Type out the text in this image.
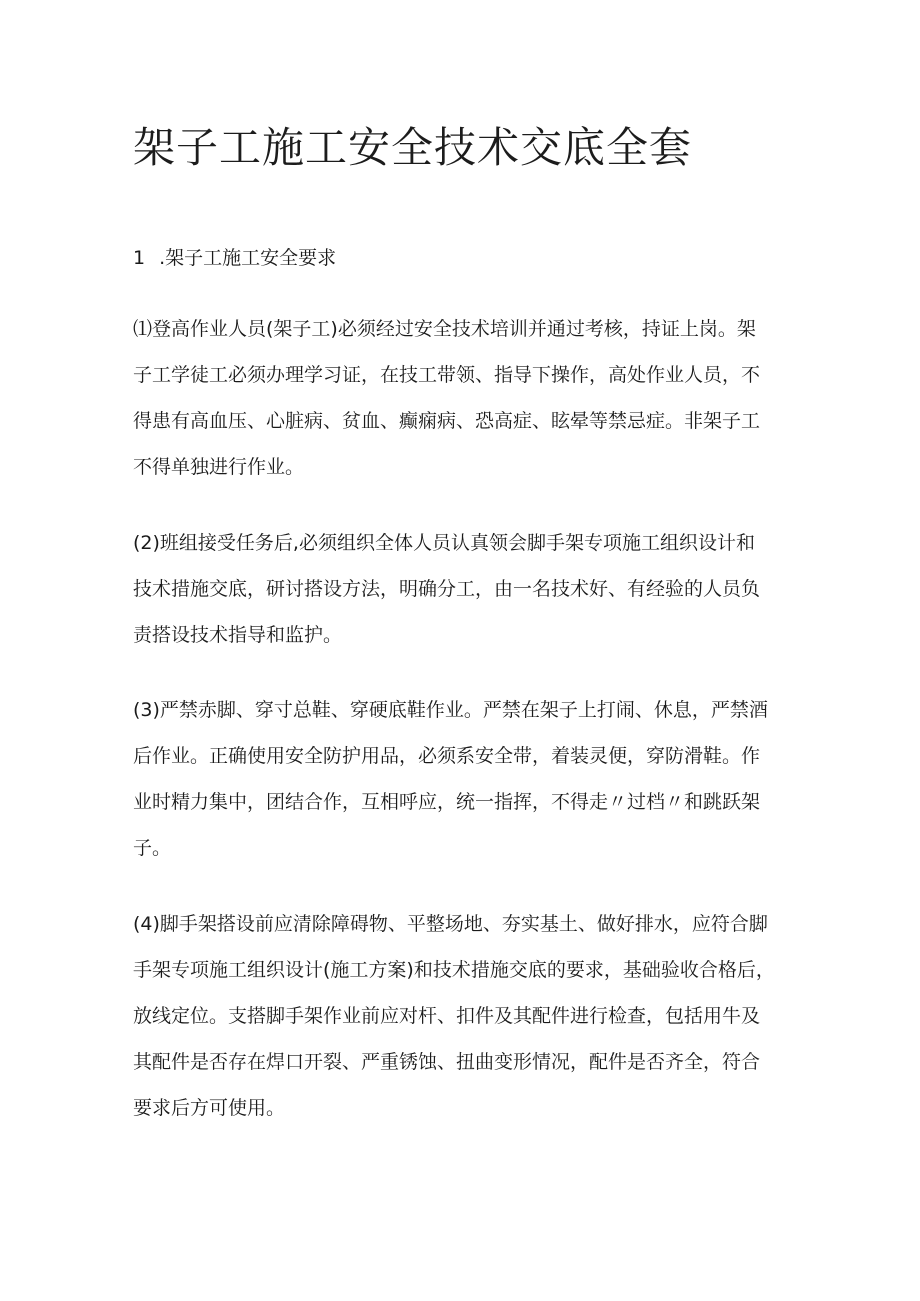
架子工施工安全技术交底全套
1 .架子工施工安全要求

⑴登高作业人员(架子工)必须经过安全技术培训并通过考核，持证上岗。架
子工学徒工必须办理学习证，在技工带领、指导下操作，高处作业人员，不
得患有高血压、心脏病、贫血、癫痫病、恐高症、眩晕等禁忌症。非架子工
不得单独进行作业。

(2)班组接受任务后,必须组织全体人员认真领会脚手架专项施工组织设计和
技术措施交底，研讨搭设方法，明确分工，由一名技术好、有经验的人员负
责搭设技术指导和监护。

(3)严禁赤脚、穿寸总鞋、穿硬底鞋作业。严禁在架子上打闹、休息，严禁酒
后作业。正确使用安全防护用品，必须系安全带，着装灵便，穿防滑鞋。作
业时精力集中，团结合作，互相呼应，统一指挥，不得走〃过档〃和跳跃架
子。

(4)脚手架搭设前应清除障碍物、平整场地、夯实基土、做好排水，应符合脚
手架专项施工组织设计(施工方案)和技术措施交底的要求，基础验收合格后，
放线定位。支搭脚手架作业前应对杆、扣件及其配件进行检查，包括用牛及
其配件是否存在焊口开裂、严重锈蚀、扭曲变形情况，配件是否齐全，符合
要求后方可使用。
